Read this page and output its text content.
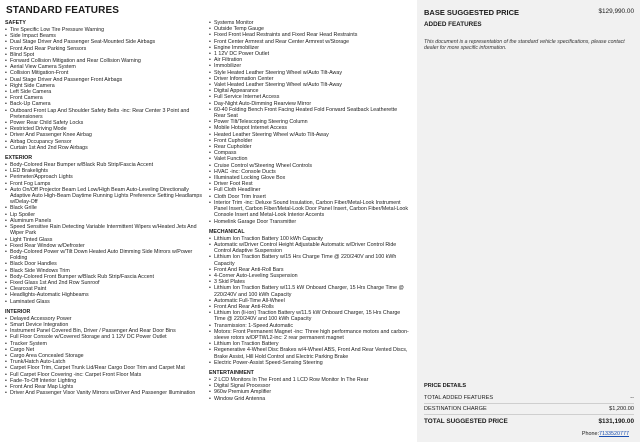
STANDARD FEATURES
SAFETY
• Tire Specific Low Tire Pressure Warning
• Side Impact Beams
• Dual Stage Driver And Passenger Seat-Mounted Side Airbags
• Front And Rear Parking Sensors
• Blind Spot
• Forward Collision Mitigation and Rear Collision Warning
• Aerial View Camera System
• Collision Mitigation-Front
• Dual Stage Driver And Passenger Front Airbags
• Right Side Camera
• Left Side Camera
• Front Camera
• Back-Up Camera
• Outboard Front Lap And Shoulder Safety Belts -inc: Rear Center 3 Point and Pretensioners
• Power Rear Child Safety Locks
• Restricted Driving Mode
• Driver And Passenger Knee Airbag
• Airbag Occupancy Sensor
• Curtain 1st And 2nd Row Airbags
EXTERIOR
• Body-Colored Rear Bumper w/Black Rub Strip/Fascia Accent
• LED Brakelights
• Perimeter/Approach Lights
• Front Fog Lamps
• Auto On/Off Projector Beam Led Low/High Beam Auto-Leveling Directionally Adaptive Auto High-Beam Daytime Running Lights Preference Setting Headlamps w/Delay-Off
• Black Grille
• Lip Spoiler
• Aluminum Panels
• Speed Sensitive Rain Detecting Variable Intermittent Wipers w/Heated Jets And Wiper Park
• Light Tinted Glass
• Fixed Rear Window w/Defroster
• Body-Colored Power w/Tilt Down Heated Auto Dimming Side Mirrors w/Power Folding
• Black Door Handles
• Black Side Windows Trim
• Body-Colored Front Bumper w/Black Rub Strip/Fascia Accent
• Fixed Glass 1st And 2nd Row Sunroof
• Clearcoat Paint
• Headlights-Automatic Highbeams
• Laminated Glass
INTERIOR
• Delayed Accessory Power
• Smart Device Integration
• Instrument Panel Covered Bin, Driver / Passenger And Rear Door Bins
• Full Floor Console w/Covered Storage and 1 12V DC Power Outlet
• Tracker System
• Cargo Net
• Cargo Area Concealed Storage
• Trunk/Hatch Auto-Latch
• Carpet Floor Trim, Carpet Trunk Lid/Rear Cargo Door Trim and Carpet Mat
• Full Carpet Floor Covering -inc: Carpet Front Floor Mats
• Fade-To-Off Interior Lighting
• Front And Rear Map Lights
• Driver And Passenger Visor Vanity Mirrors w/Driver And Passenger Illumination
• Systems Monitor
• Outside Temp Gauge
• Fixed Front Head Restraints and Fixed Rear Head Restraints
• Front Center Armrest and Rear Center Armrest w/Storage
• Engine Immobilizer
• 1 12V DC Power Outlet
• Air Filtration
• Immobilizer
• Style Heated Leather Steering Wheel w/Auto Tilt-Away
• Driver Information Center
• Valet Heated Leather Steering Wheel w/Auto Tilt-Away
• Digital Appearance
• Full Service Internet Access
• Day-Night Auto-Dimming Rearview Mirror
• 60-40 Folding Bench Front Facing Heated Fold Forward Seatback Leatherette Rear Seat
• Power Tilt/Telescoping Steering Column
• Mobile Hotspot Internet Access
• Heated Leather Steering Wheel w/Auto Tilt-Away
• Front Cupholder
• Rear Cupholder
• Compass
• Valet Function
• Cruise Control w/Steering Wheel Controls
• HVAC -inc: Console Ducts
• Illuminated Locking Glove Box
• Driver Foot Rest
• Full Cloth Headliner
• Cloth Door Trim Insert
• Interior Trim -inc: Deluxe Sound Insulation, Carbon Fiber/Metal-Look Instrument Panel Insert, Carbon Fiber/Metal-Look Door Panel Insert, Carbon Fiber/Metal-Look Console Insert and Metal-Look Interior Accents
• Homelink Garage Door Transmitter
MECHANICAL
• Lithium Ion Traction Battery 100 kWh Capacity
• Automatic w/Driver Control Height Adjustable Automatic w/Driver Control Ride Control Adaptive Suspension
• Lithium Ion Traction Battery w/15 Hrs Charge Time @ 220/240V and 100 kWh Capacity
• Front And Rear Anti-Roll Bars
• 4-Corner Auto-Leveling Suspension
• 3 Skid Plates
• Lithium Ion Traction Battery w/11.5 kW Onboard Charger, 15 Hrs Charge Time @ 220/240V and 100 kWh Capacity
• Automatic Full-Time All-Wheel
• Front And Rear Anti-Rolls
• Lithium Ion (li-ion) Traction Battery w/11.5 kW Onboard Charger, 15 Hrs Charge Time @ 220/240V and 100 kWh Capacity
• Transmission: 1-Speed Automatic
• Motors: Front Permanent Magnet -inc: Three high performance motors and carbon-sleeve rotors w/DPTWL2-inc: 2 rear permanent magnet
• Lithium Ion Traction Battery
• Regenerative 4-Wheel Disc Brakes w/4-Wheel ABS, Front And Rear Vented Discs, Brake Assist, Hill Hold Control and Electric Parking Brake
• Electric Power-Assist Speed-Sensing Steering
ENTERTAINMENT
• 2 LCD Monitors In The Front and 1 LCD Row Monitor In The Rear
• Digital Signal Processor
• 960w Premium Amplifier
• Window Grid Antenna
BASE SUGGESTED PRICE	$129,990.00
ADDED FEATURES
This document is a representation of the standard vehicle specifications, please contact dealer for more specific information.
PRICE DETAILS
TOTAL ADDED FEATURES	--
DESTINATION CHARGE	$1,200.00
TOTAL SUGGESTED PRICE	$131,190.00
Phone:7133520777
